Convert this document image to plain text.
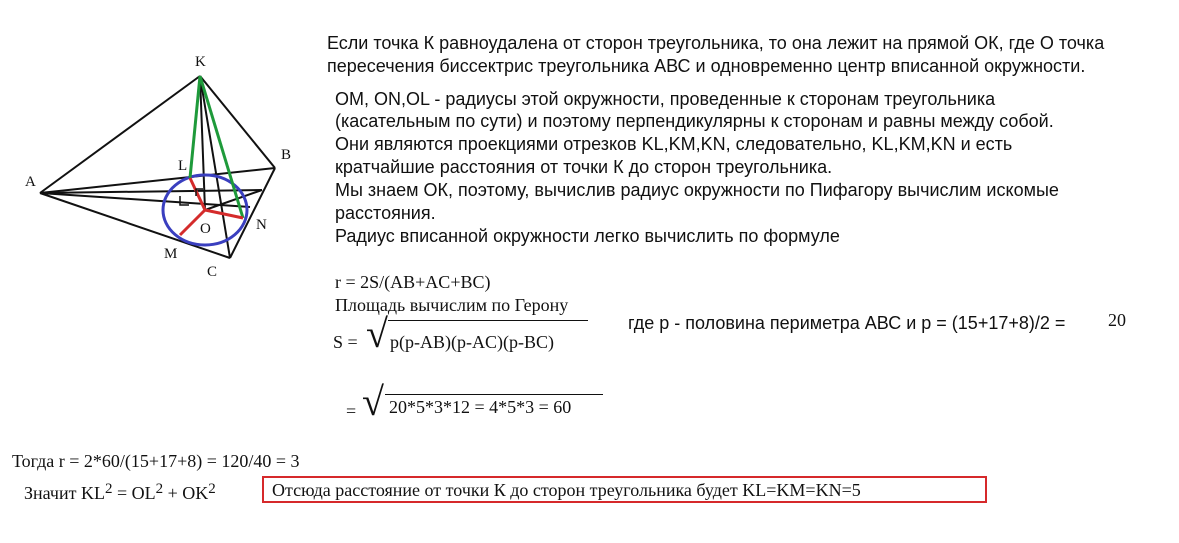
K
B
A
L
O	N
M
C
Если точка К равноудалена от сторон треугольника, то она лежит на прямой ОК, где О точка
пересечения биссектрис треугольника АВС и одновременно центр вписанной окружности.
ОМ, ON,OL - радиусы этой окружности, проведенные к сторонам треугольника
(касательным по сути) и поэтому перпендикулярны к сторонам и равны между собой.
Они являются проекциями отрезков KL,KM,KN, следовательно, KL,KM,KN и есть
кратчайшие расстояния от точки К до сторон треугольника.
Мы знаем ОК, поэтому, вычислив радиус окружности по Пифагору вычислим искомые
расстояния.
Радиус вписанной окружности легко вычислить по формуле
r = 2S/(AB+AC+BC)
Площадь вычислим по Герону
S = √ p(p-AB)(p-AC)(p-BC)
где р - половина периметра АВС и р = (15+17+8)/2 = 20
= √ 20*5*3*12 = 4*5*3 = 60
Тогда r = 2*60/(15+17+8) = 120/40 = 3
Значит $KL^2 = OL^2 + OK^2$	Отсюда расстояние от точки К до сторон треугольника будет KL=KM=KN=5
